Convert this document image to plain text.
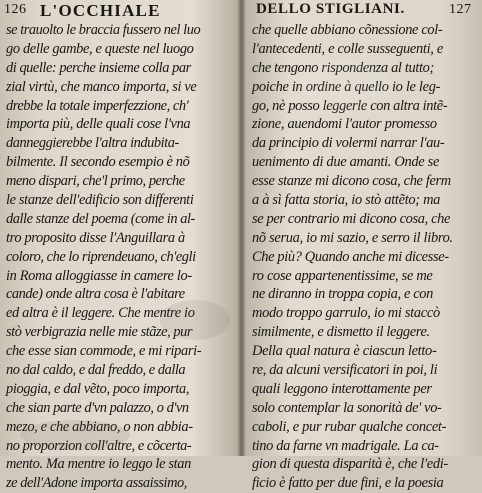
126 L'OCCHIALE
se trauolto le braccia fussero nel luo
go delle gambe, e queste nel luogo
di quelle: perche insieme colla par
zial virtù, che manco importa, si ve
drebbe la totale imperfezzione, ch'
importa più, delle quali cose l'vna
danneggierebbe l'altra indubita-
bilmente. Il secondo esempio è nõ
meno dispari, che'l primo, perche
le stanze dell'edificio son differenti
dalle stanze del poema (come in al-
tro proposito disse l'Anguillara à
coloro, che lo riprendeuano, ch'egli
in Roma alloggiasse in camere lo-
cande) onde altra cosa è l'abitare
ed altra è il leggere. Che mentre io
stò verbigrazia nelle mie stãze, pur
che esse sian commode, e mi ripari-
no dal caldo, e dal freddo, e dalla
pioggia, e dal vẽto, poco importa,
che sian parte d'vn palazzo, o d'vn
mezo, e che abbiano, o non abbia-
no proporzion coll'altre, e cõcerta-
mento. Ma mentre io leggo le stan
ze dell'Adone importa assaissimo,
DELLO STIGLIANI.	127
che quelle abbiano cõnessione col-
l'antecedenti, e colle susseguenti, e
che tengono rispondenza al tutto;
poiche in ordine à quello io le leg-
go, nè posso leggerle con altra intẽ-
zione, auendomi l'autor promesso
da principio di volermi narrar l'au-
uenimento di due amanti. Onde se
esse stanze mi dicono cosa, che ferm
a à sì fatta storia, io stò attẽto; ma
se per contrario mi dicono cosa, che
nõ serua, io mi sazio, e serro il libro.
Che più? Quando anche mi dicesse-
ro cose appartenentissime, se me
ne diranno in troppa copia, e con
modo troppo garrulo, io mi staccò
similmente, e dismetto il leggere.
Della qual natura è ciascun letto-
re, da alcuni versificatori in poi, li
quali leggono interottamente per
solo contemplar la sonorità de' vo-
caboli, e pur rubar qualche concet-
tino da farne vn madrigale. La ca-
gion di questa disparità è, che l'edi-
ficio è fatto per due fini, e la poesia
